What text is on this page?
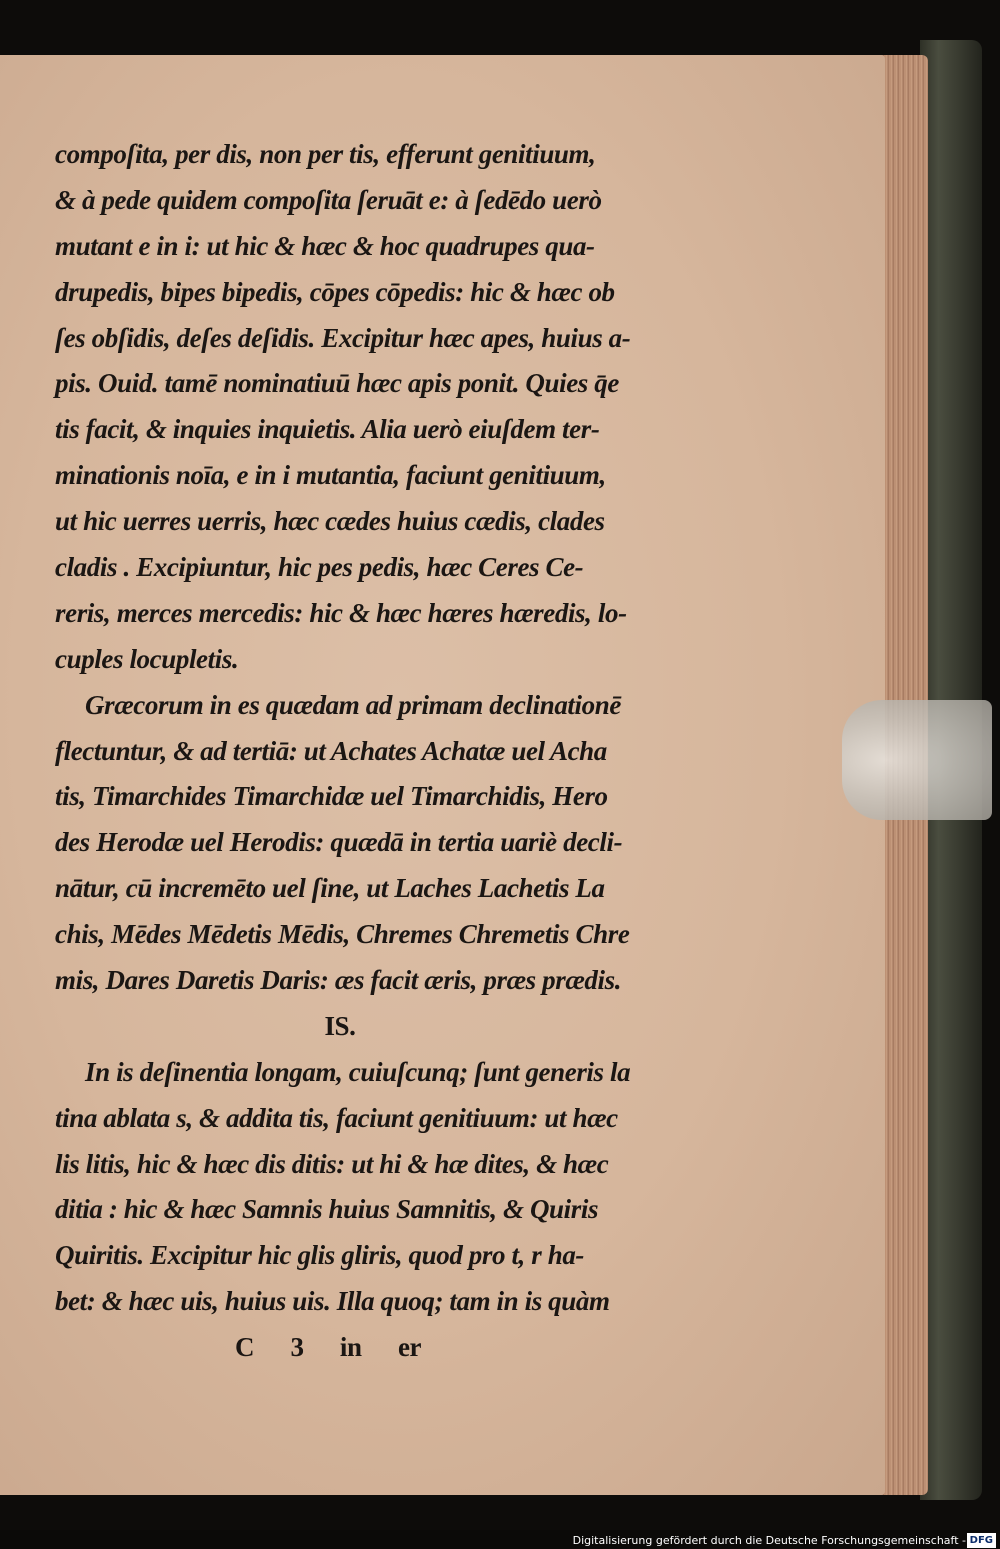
compoſita, per dis, non per tis, efferunt genitiuum,
& à pede quidem compoſita ſeruāt e: à ſedēdo uerò
mutant e in i: ut hic & hæc & hoc quadrupes qua-
drupedis, bipes bipedis, cōpes cōpedis: hic & hæc ob
ſes obſidis, deſes deſidis. Excipitur hæc apes, huius a-
pis. Ouid. tamē nominatiuū hæc apis ponit. Quies q̄e
tis facit, & inquies inquietis. Alia uerò eiuſdem ter-
minationis noīa, e in i mutantia, faciunt genitiuum,
ut hic uerres uerris, hæc cædes huius cædis, clades
cladis . Excipiuntur, hic pes pedis, hæc Ceres Ce-
reris, merces mercedis: hic & hæc hæres hæredis, lo-
cuples locupletis.
Græcorum in es quædam ad primam declinationē
flectuntur, & ad tertiā: ut Achates Achatæ uel Acha
tis, Timarchides Timarchidæ uel Timarchidis, Hero
des Herodæ uel Herodis: quædā in tertia uariè decli-
nātur, cū incremēto uel ſine, ut Laches Lachetis La
chis, Mēdes Mēdetis Mēdis, Chremes Chremetis Chre
mis, Dares Daretis Daris: æs facit æris, præs prædis.
IS.
In is deſinentia longam, cuiuſcunq; ſunt generis la
tina ablata s, & addita tis, faciunt genitiuum: ut hæc
lis litis, hic & hæc dis ditis: ut hi & hæ dites, & hæc
ditia : hic & hæc Samnis huius Samnitis, & Quiris
Quiritis. Excipitur hic glis gliris, quod pro t, r ha-
bet: & hæc uis, huius uis. Illa quoq; tam in is quàm
C 3 in er
Digitalisierung gefördert durch die Deutsche Forschungsgemeinschaft - DFG
